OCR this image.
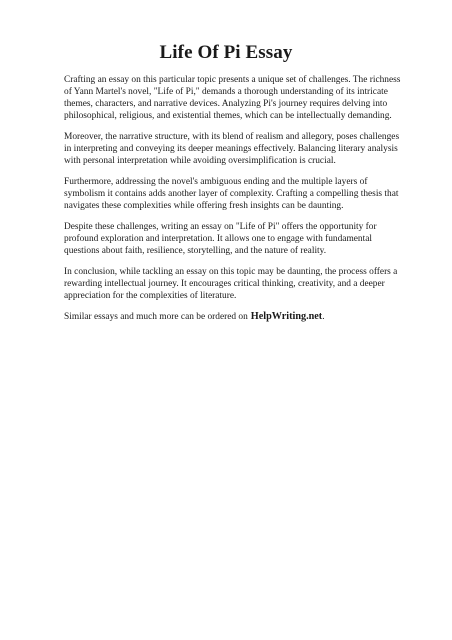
Life Of Pi Essay

Crafting an essay on this particular topic presents a unique set of challenges. The richness of Yann Martel's novel, "Life of Pi," demands a thorough understanding of its intricate themes, characters, and narrative devices. Analyzing Pi's journey requires delving into philosophical, religious, and existential themes, which can be intellectually demanding.

Moreover, the narrative structure, with its blend of realism and allegory, poses challenges in interpreting and conveying its deeper meanings effectively. Balancing literary analysis with personal interpretation while avoiding oversimplification is crucial.

Furthermore, addressing the novel's ambiguous ending and the multiple layers of symbolism it contains adds another layer of complexity. Crafting a compelling thesis that navigates these complexities while offering fresh insights can be daunting.

Despite these challenges, writing an essay on "Life of Pi" offers the opportunity for profound exploration and interpretation. It allows one to engage with fundamental questions about faith, resilience, storytelling, and the nature of reality.

In conclusion, while tackling an essay on this topic may be daunting, the process offers a rewarding intellectual journey. It encourages critical thinking, creativity, and a deeper appreciation for the complexities of literature.

Similar essays and much more can be ordered on HelpWriting.net.
